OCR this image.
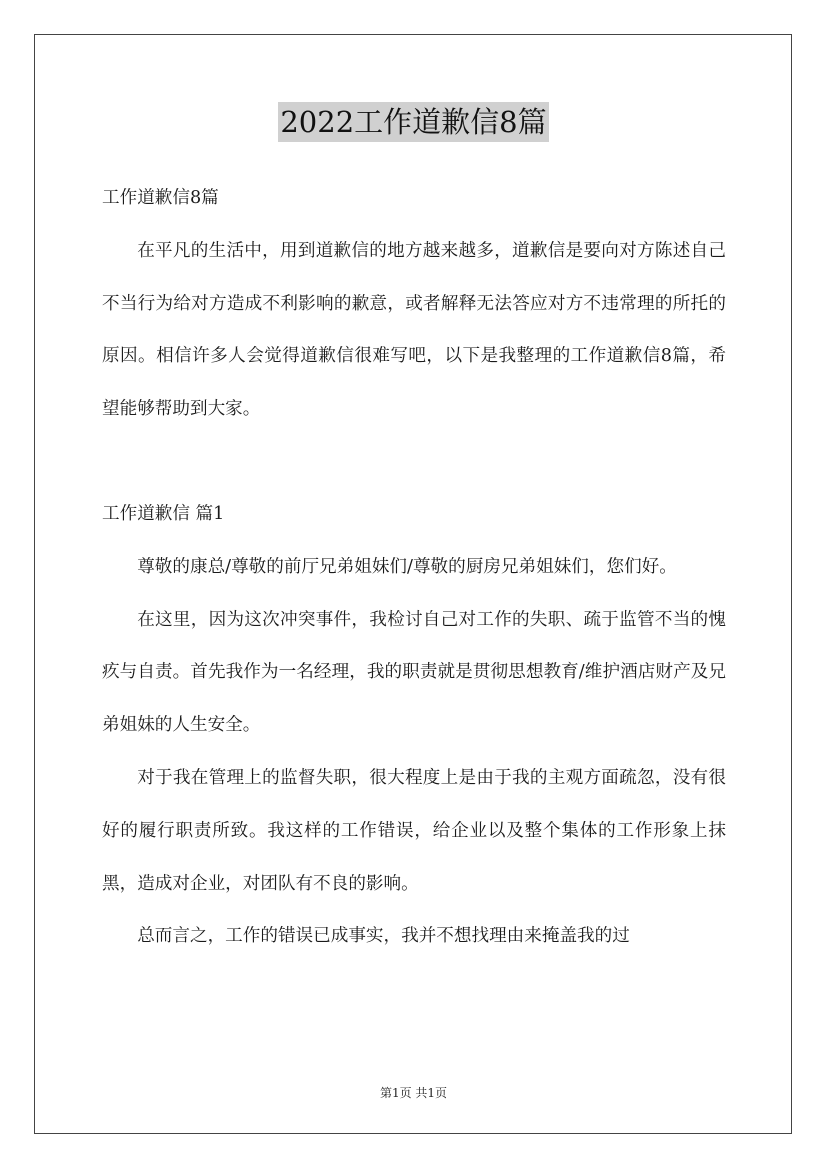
2022工作道歉信8篇

工作道歉信8篇

在平凡的生活中，用到道歉信的地方越来越多，道歉信是要向对方陈述自己不当行为给对方造成不利影响的歉意，或者解释无法答应对方不违常理的所托的原因。相信许多人会觉得道歉信很难写吧，以下是我整理的工作道歉信8篇，希望能够帮助到大家。

工作道歉信 篇1

尊敬的康总/尊敬的前厅兄弟姐妹们/尊敬的厨房兄弟姐妹们，您们好。

在这里，因为这次冲突事件，我检讨自己对工作的失职、疏于监管不当的愧疚与自责。首先我作为一名经理，我的职责就是贯彻思想教育/维护酒店财产及兄弟姐妹的人生安全。

对于我在管理上的监督失职，很大程度上是由于我的主观方面疏忽，没有很好的履行职责所致。我这样的工作错误，给企业以及整个集体的工作形象上抹黑，造成对企业，对团队有不良的影响。

总而言之，工作的错误已成事实，我并不想找理由来掩盖我的过

第1页 共1页
